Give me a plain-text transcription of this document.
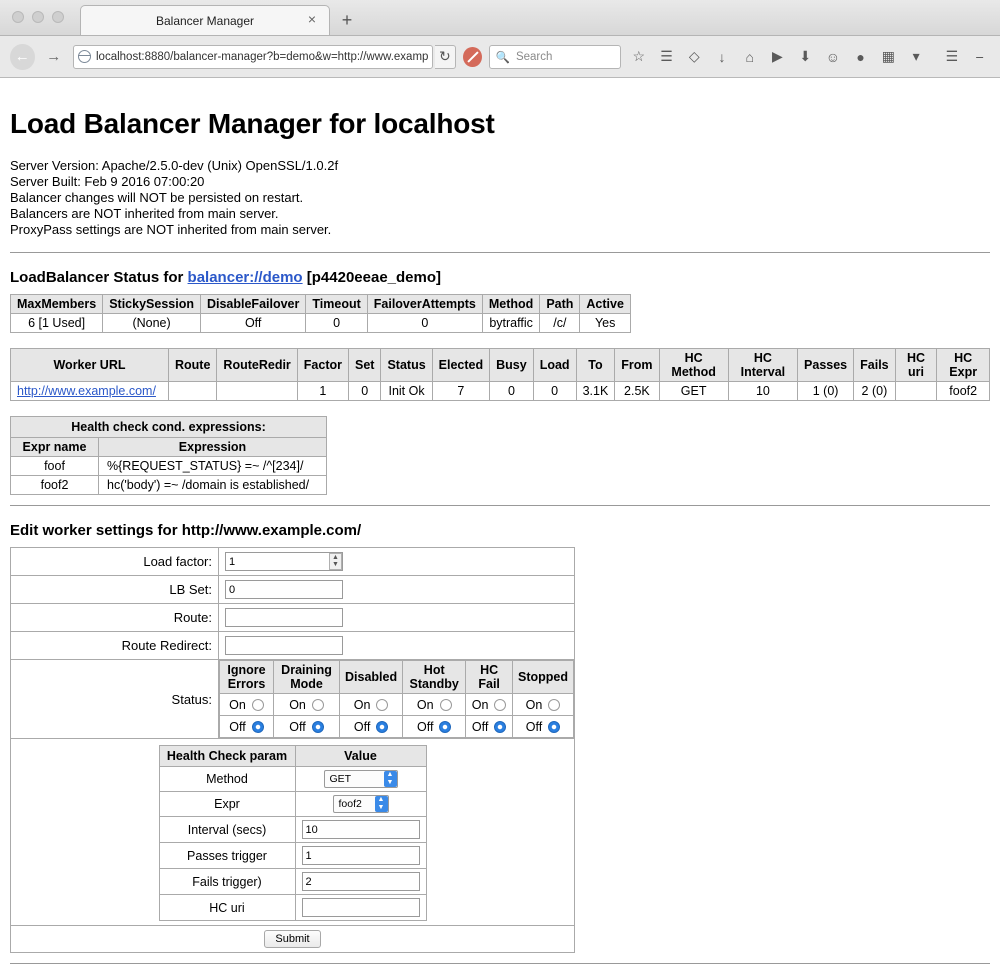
Balancer Manager	×	+
←	→	localhost:8880/balancer-manager?b=demo&w=http://www.examp ↻	🔍 Search	☆ ☰	◇	↓	⌂	▶	⬇	☺	●	▦	▾	☰	⎯
Load Balancer Manager for localhost
Server Version: Apache/2.5.0-dev (Unix) OpenSSL/1.0.2f
Server Built: Feb 9 2016 07:00:20
Balancer changes will NOT be persisted on restart.
Balancers are NOT inherited from main server.
ProxyPass settings are NOT inherited from main server.
LoadBalancer Status for balancer://demo [p4420eeae_demo]
MaxMembers	StickySession	DisableFailover	Timeout	FailoverAttempts	Method	Path	Active
6 [1 Used]	(None)	Off	0	0	bytraffic	/c/	Yes

Worker URL	Route	RouteRedir	Factor	Set	Status	Elected	Busy	Load	To	From	HC Method	HC Interval	Passes	Fails	HC uri	HC Expr
http://www.example.com/			1	0	Init Ok	7	0	0	3.1K	2.5K	GET	10	1 (0)	2 (0)		foof2

Health check cond. expressions:
Expr name	Expression
foof	%{REQUEST_STATUS} =~ /^[234]/
foof2	hc('body') =~ /domain is established/
Edit worker settings for http://www.example.com/
Load factor:	1▲
▼

LB Set:	0
Route:	
Route Redirect:	
Status:	
Ignore Errors	Draining Mode	Disabled	Hot Standby	HC Fail	Stopped

On	On	On	On	On	On

Off	Off	Off	Off	Off	Off

Health Check param	Value
Method	GET	▲
▼

Expr	foof2	▲
▼

Interval (secs)	10
Passes trigger	1
Fails trigger)	2
HC uri	

Submit
